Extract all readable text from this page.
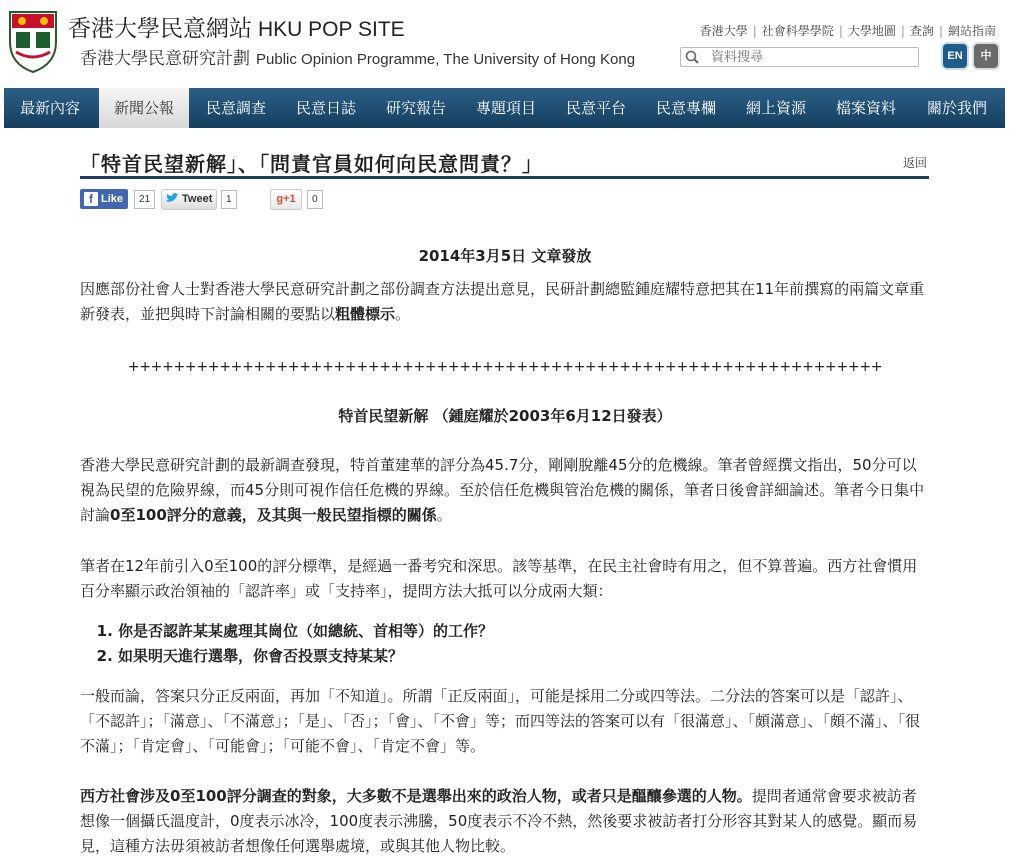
香港大學民意網站 HKU POP SITE
香港大學民意研究計劃 Public Opinion Programme, The University of Hong Kong
香港大學 | 社會科學學院 | 大學地圖 | 查詢 | 網站指南
資料搜尋
EN	中
最新內容	新聞公報	民意調查	民意日誌	研究報告	專題項目	民意平台	民意專欄	網上資源	檔案資料	關於我們
「特首民望新解」、「問責官員如何向民意問責？」	返回
f Like	21	Tweet	1	g+1	0

2014年3月5日 文章發放

因應部份社會人士對香港大學民意研究計劃之部份調查方法提出意見，民研計劃總監鍾庭耀特意把其在11年前撰寫的兩篇文章重新發表，並把與時下討論相關的要點以粗體標示。

++++++++++++++++++++++++++++++++++++++++++++++++++++++++++++++++++

特首民望新解 （鍾庭耀於2003年6月12日發表）

香港大學民意研究計劃的最新調查發現，特首董建華的評分為45.7分，剛剛脫離45分的危機線。筆者曾經撰文指出，50分可以視為民望的危險界線，而45分則可視作信任危機的界線。至於信任危機與管治危機的關係，筆者日後會詳細論述。筆者今日集中討論0至100評分的意義，及其與一般民望指標的關係。

筆者在12年前引入0至100的評分標準，是經過一番考究和深思。該等基準，在民主社會時有用之，但不算普遍。西方社會慣用百分率顯示政治領袖的「認許率」或「支持率」，提問方法大抵可以分成兩大類：

1. 你是否認許某某處理其崗位（如總統、首相等）的工作？
2. 如果明天進行選舉，你會否投票支持某某？

一般而論，答案只分正反兩面，再加「不知道」。所謂「正反兩面」，可能是採用二分或四等法。二分法的答案可以是「認許」、「不認許」；「滿意」、「不滿意」；「是」、「否」；「會」、「不會」等；而四等法的答案可以有「很滿意」、「頗滿意」、「頗不滿」、「很不滿」；「肯定會」、「可能會」；「可能不會」、「肯定不會」等。

西方社會涉及0至100評分調查的對象，大多數不是選舉出來的政治人物，或者只是醞釀參選的人物。提問者通常會要求被訪者想像一個攝氏溫度計，0度表示冰冷，100度表示沸騰，50度表示不冷不熱，然後要求被訪者打分形容其對某人的感覺。顯而易見，這種方法毋須被訪者想像任何選舉處境，或與其他人物比較。
